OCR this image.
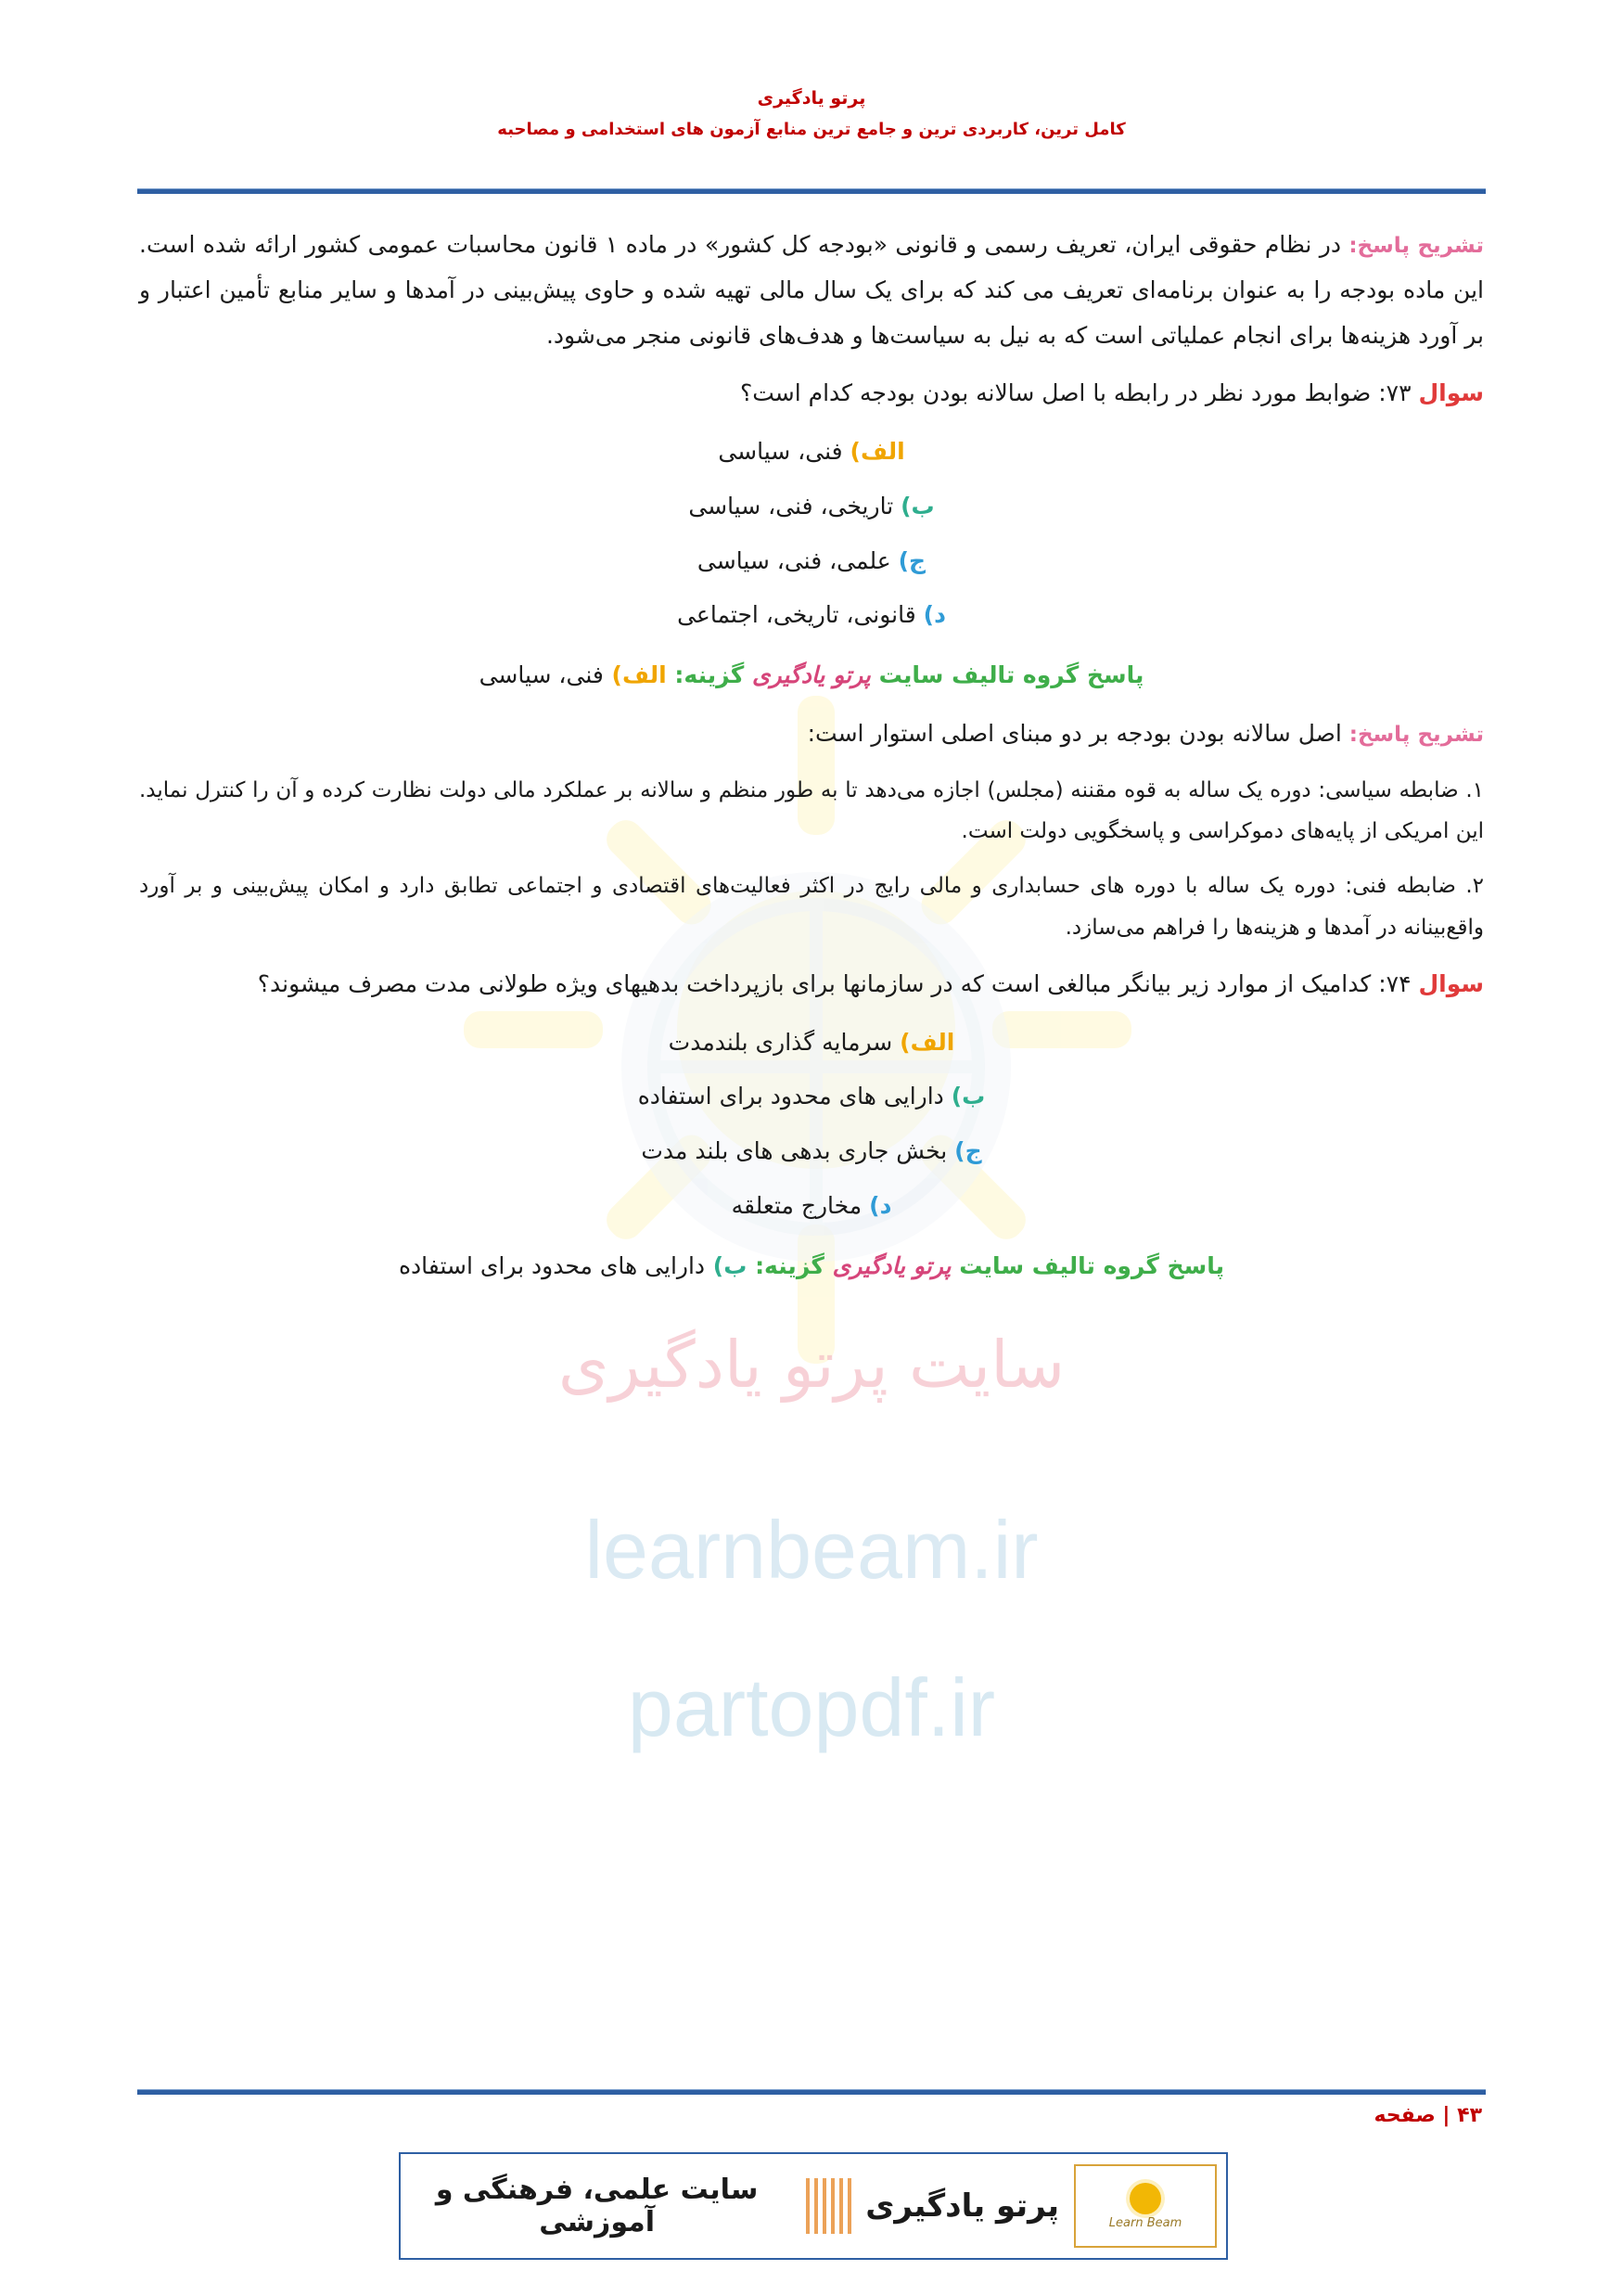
سایت پرتو یادگیری
learnbeam.ir
partopdf.ir
پرتو یادگیری
کامل ترین، کاربردی ترین و جامع ترین منابع آزمون های استخدامی و مصاحبه

تشریح پاسخ: در نظام حقوقی ایران، تعریف رسمی و قانونی «بودجه کل کشور» در ماده ۱ قانون محاسبات عمومی کشور ارائه شده است. این ماده بودجه را به عنوان برنامه‌ای تعریف می کند که برای یک سال مالی تهیه شده و حاوی پیش‌بینی در آمدها و سایر منابع تأمین اعتبار و بر آورد هزینه‌ها برای انجام عملیاتی است که به نیل به سیاست‌ها و هدف‌های قانونی منجر می‌شود.

سوال ۷۳: ضوابط مورد نظر در رابطه با اصل سالانه بودن بودجه کدام است؟

الف) فنی، سیاسی

ب) تاریخی، فنی، سیاسی

ج) علمی، فنی، سیاسی

د) قانونی، تاریخی، اجتماعی

پاسخ گروه تالیف سایت پرتو یادگیری گزینه: الف) فنی، سیاسی

تشریح پاسخ: اصل سالانه بودن بودجه بر دو مبنای اصلی استوار است:

۱. ضابطه سیاسی: دوره یک ساله به قوه مقننه (مجلس) اجازه می‌دهد تا به طور منظم و سالانه بر عملکرد مالی دولت نظارت کرده و آن را کنترل نماید. این امریکی از پایه‌های دموکراسی و پاسخگویی دولت است.
۲. ضابطه فنی: دوره یک ساله با دوره های حسابداری و مالی رایج در اکثر فعالیت‌های اقتصادی و اجتماعی تطابق دارد و امکان پیش‌بینی و بر آورد واقع‌بینانه در آمدها و هزینه‌ها را فراهم می‌سازد.

سوال ۷۴: کدامیک از موارد زیر بیانگر مبالغی است که در سازمانها برای بازپرداخت بدهیهای ویژه طولانی مدت مصرف میشوند؟

الف) سرمایه گذاری بلندمدت

ب) دارایی های محدود برای استفاده

ج) بخش جاری بدهی های بلند مدت

د) مخارج متعلقه

پاسخ گروه تالیف سایت پرتو یادگیری گزینه: ب) دارایی های محدود برای استفاده

۴۳ | صفحه
Learn Beam
پرتو یادگیری
سایت علمی، فرهنگی و آموزشی
